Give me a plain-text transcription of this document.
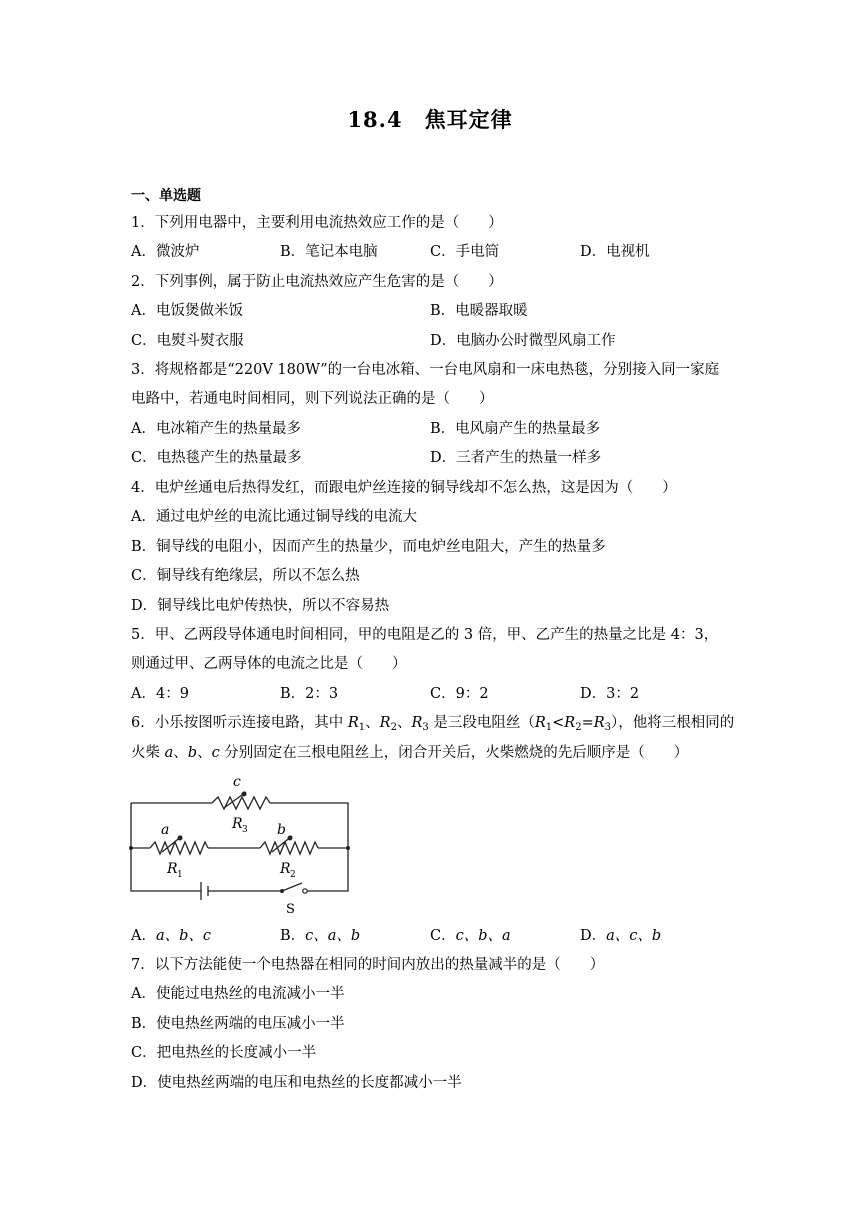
18.4 焦耳定律
一、单选题
1．下列用电器中，主要利用电流热效应工作的是（　　）
A．微波炉	B．笔记本电脑	C．手电筒	D．电视机
2．下列事例，属于防止电流热效应产生危害的是（　　）
A．电饭煲做米饭	B．电暖器取暖
C．电熨斗熨衣服	D．电脑办公时微型风扇工作
3．将规格都是“220V 180W”的一台电冰箱、一台电风扇和一床电热毯，分别接入同一家庭
电路中，若通电时间相同，则下列说法正确的是（　　）
A．电冰箱产生的热量最多	B．电风扇产生的热量最多
C．电热毯产生的热量最多	D．三者产生的热量一样多
4．电炉丝通电后热得发红，而跟电炉丝连接的铜导线却不怎么热，这是因为（　　）
A．通过电炉丝的电流比通过铜导线的电流大
B．铜导线的电阻小，因而产生的热量少，而电炉丝电阻大，产生的热量多
C．铜导线有绝缘层，所以不怎么热
D．铜导线比电炉传热快，所以不容易热
5．甲、乙两段导体通电时间相同，甲的电阻是乙的 3 倍，甲、乙产生的热量之比是 4：3，
则通过甲、乙两导体的电流之比是（　　）
A．4：9	B．2：3	C．9：2	D．3：2
6．小乐按图听示连接电路，其中 $R_1$、$R_2$、$R_3$ 是三段电阻丝$(R_1<R_2=R_3)$，他将三根相同的
火柴 a、b、c 分别固定在三根电阻丝上，闭合开关后，火柴燃烧的先后顺序是（　　）
c
a	b
R 3
R 1	R 2
S
A．a、b、c	B．c、a、b	C．c、b、a	D．a、c、b
7．以下方法能使一个电热器在相同的时间内放出的热量减半的是（　　）
A．使能过电热丝的电流减小一半
B．使电热丝两端的电压减小一半
C．把电热丝的长度减小一半
D．使电热丝两端的电压和电热丝的长度都减小一半
